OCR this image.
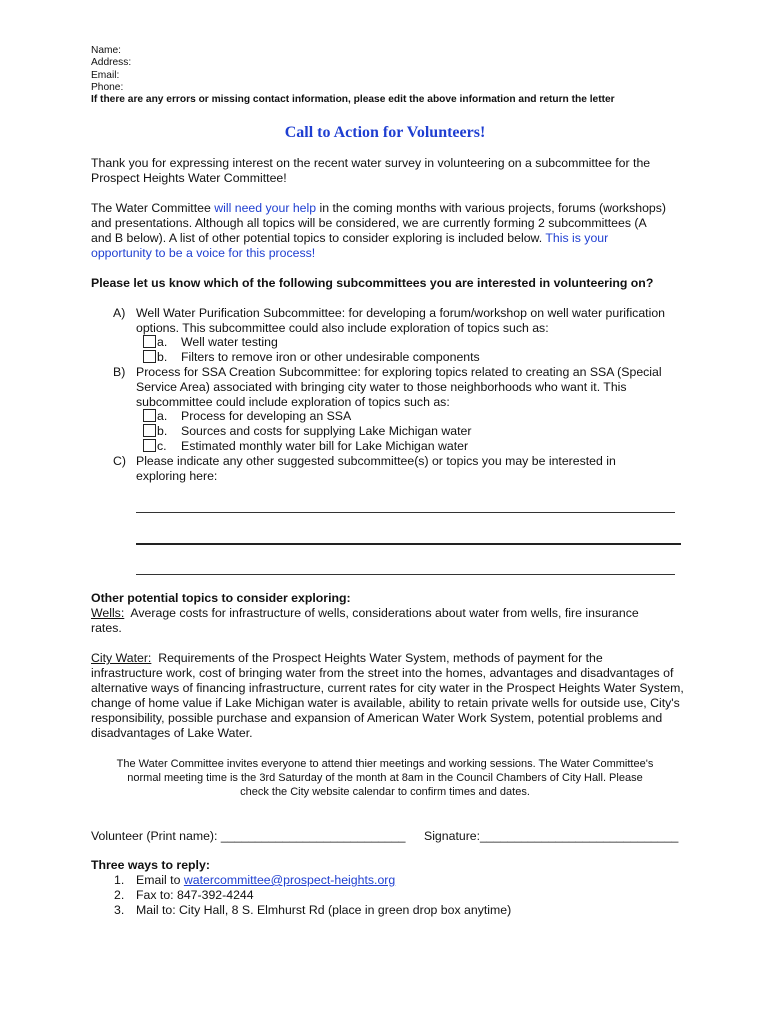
Name:
Address:
Email:
Phone:
If there are any errors or missing contact information, please edit the above information and return the letter
Call to Action for Volunteers!
Thank you for expressing interest on the recent water survey in volunteering on a subcommittee for the
Prospect Heights Water Committee!
The Water Committee will need your help in the coming months with various projects, forums (workshops)
and presentations. Although all topics will be considered, we are currently forming 2 subcommittees (A
and B below). A list of other potential topics to consider exploring is included below. This is your
opportunity to be a voice for this process!
Please let us know which of the following subcommittees you are interested in volunteering on?
A) Well Water Purification Subcommittee: for developing a forum/workshop on well water purification
options. This subcommittee could also include exploration of topics such as:
a. Well water testing
b. Filters to remove iron or other undesirable components
B) Process for SSA Creation Subcommittee: for exploring topics related to creating an SSA (Special
Service Area) associated with bringing city water to those neighborhoods who want it. This
subcommittee could include exploration of topics such as:
a. Process for developing an SSA
b. Sources and costs for supplying Lake Michigan water
c. Estimated monthly water bill for Lake Michigan water
C) Please indicate any other suggested subcommittee(s) or topics you may be interested in
exploring here:
Other potential topics to consider exploring:
Wells:  Average costs for infrastructure of wells, considerations about water from wells, fire insurance
rates.
City Water:  Requirements of the Prospect Heights Water System, methods of payment for the
infrastructure work, cost of bringing water from the street into the homes, advantages and disadvantages of
alternative ways of financing infrastructure, current rates for city water in the Prospect Heights Water System,
change of home value if Lake Michigan water is available, ability to retain private wells for outside use, City's
responsibility, possible purchase and expansion of American Water Work System, potential problems and
disadvantages of Lake Water.
The Water Committee invites everyone to attend thier meetings and working sessions. The Water Committee's
normal meeting time is the 3rd Saturday of the month at 8am in the Council Chambers of City Hall. Please
check the City website calendar to confirm times and dates.
Volunteer (Print name): ___________________________ Signature:_____________________________
Three ways to reply:
1. Email to watercommittee@prospect-heights.org
2. Fax to: 847-392-4244
3. Mail to: City Hall, 8 S. Elmhurst Rd (place in green drop box anytime)
